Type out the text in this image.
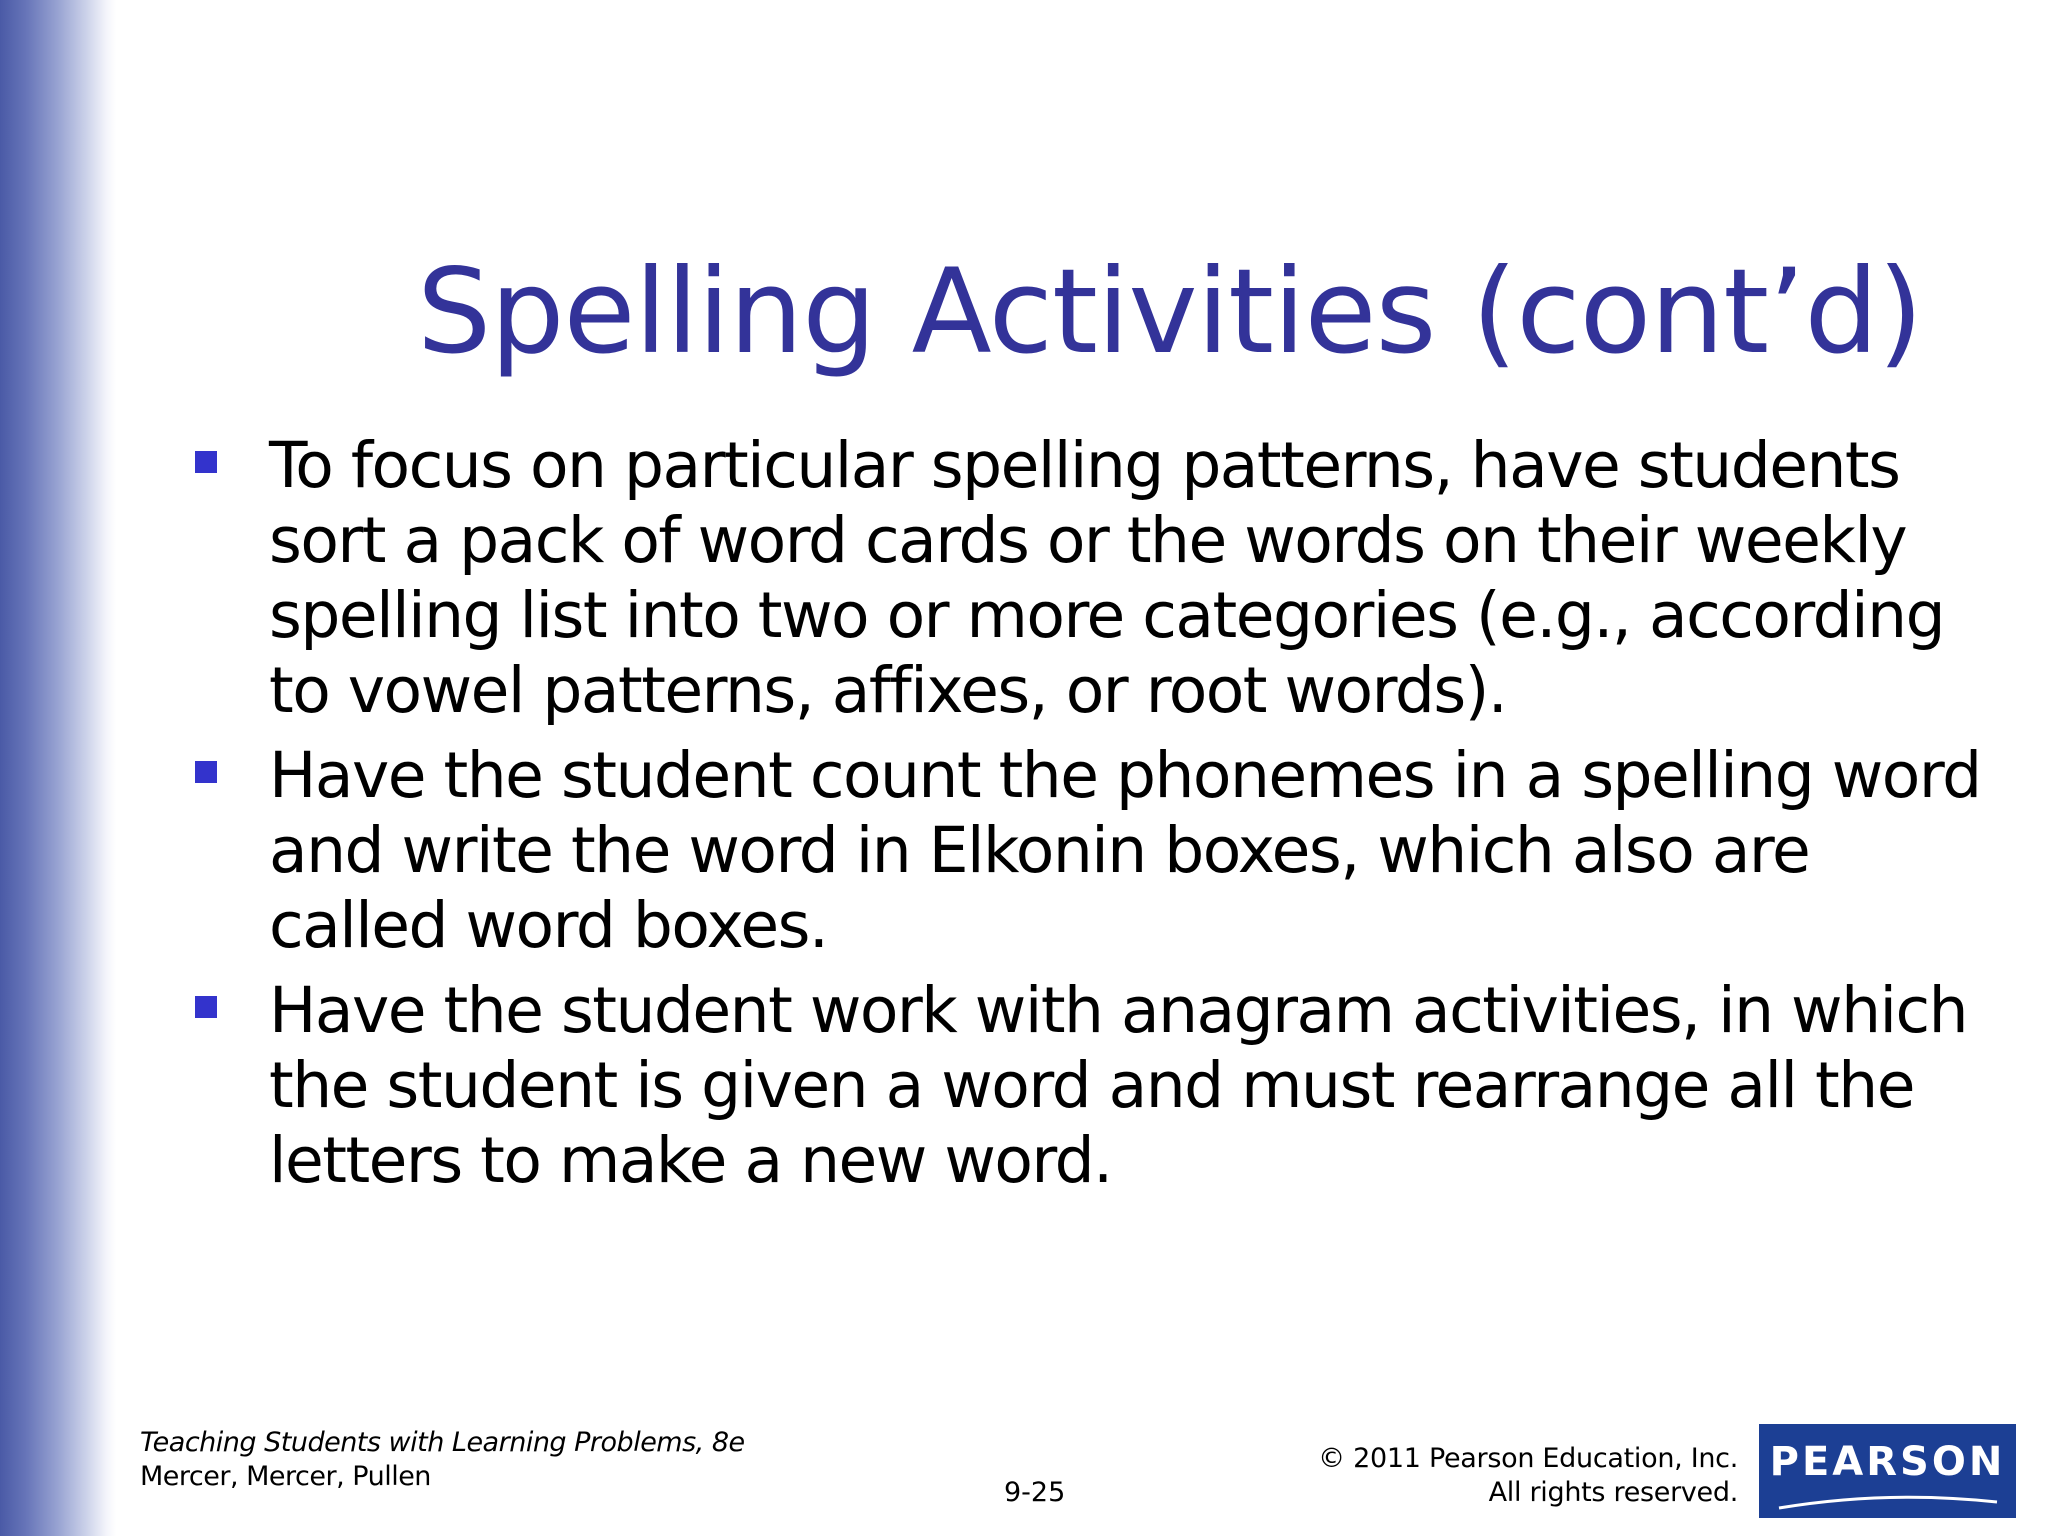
Spelling Activities (cont’d)
To focus on particular spelling patterns, have students
sort a pack of word cards or the words on their weekly
spelling list into two or more categories (e.g., according
to vowel patterns, affixes, or root words).
Have the student count the phonemes in a spelling word
and write the word in Elkonin boxes, which also are
called word boxes.
Have the student work with anagram activities, in which
the student is given a word and must rearrange all the
letters to make a new word.
Teaching Students with Learning Problems, 8e
Mercer, Mercer, Pullen
9-25
© 2011 Pearson Education, Inc.
All rights reserved.
PEARSON
